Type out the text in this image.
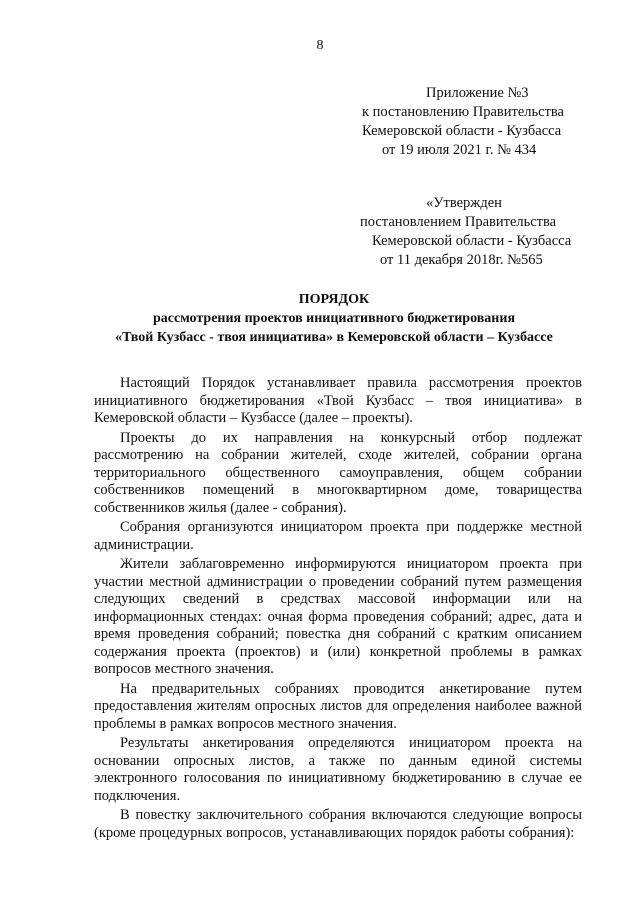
8
Приложение №3
к постановлению Правительства
Кемеровской области - Кузбасса
от 19 июля 2021 г. № 434
«Утвержден
постановлением Правительства
Кемеровской области - Кузбасса
от 11 декабря 2018г. №565
ПОРЯДОК
рассмотрения проектов инициативного бюджетирования
«Твой Кузбасс - твоя инициатива» в Кемеровской области – Кузбассе

Настоящий Порядок устанавливает правила рассмотрения проектов инициативного бюджетирования «Твой Кузбасс – твоя инициатива» в Кемеровской области – Кузбассе (далее – проекты).

Проекты до их направления на конкурсный отбор подлежат рассмотрению на собрании жителей, сходе жителей, собрании органа территориального общественного самоуправления, общем собрании собственников помещений в многоквартирном доме, товарищества собственников жилья (далее - собрания).

Собрания организуются инициатором проекта при поддержке местной администрации.

Жители заблаговременно информируются инициатором проекта при участии местной администрации о проведении собраний путем размещения следующих сведений в средствах массовой информации или на информационных стендах: очная форма проведения собраний; адрес, дата и время проведения собраний; повестка дня собраний с кратким описанием содержания проекта (проектов) и (или) конкретной проблемы в рамках вопросов местного значения.

На предварительных собраниях проводится анкетирование путем предоставления жителям опросных листов для определения наиболее важной проблемы в рамках вопросов местного значения.

Результаты анкетирования определяются инициатором проекта на основании опросных листов, а также по данным единой системы электронного голосования по инициативному бюджетированию в случае ее подключения.

В повестку заключительного собрания включаются следующие вопросы (кроме процедурных вопросов, устанавливающих порядок работы собрания):
